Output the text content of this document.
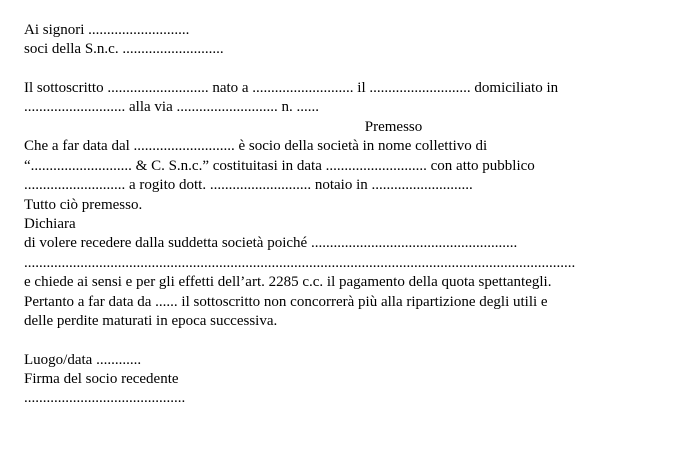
Ai signori ...........................
soci della S.n.c. ...........................
Il sottoscritto ........................... nato a ........................... il ........................... domiciliato in
........................... alla via ........................... n. ......
Premesso
Che a far data dal ........................... è socio della società in nome collettivo di
“........................... & C. S.n.c.” costituitasi in data ........................... con atto pubblico
........................... a rogito dott. ........................... notaio in ...........................
Tutto ciò premesso.
Dichiara
di volere recedere dalla suddetta società poiché .......................................................
...................................................................................................................................................
e chiede ai sensi e per gli effetti dell’art. 2285 c.c. il pagamento della quota spettantegli.
Pertanto a far data da ...... il sottoscritto non concorrerà più alla ripartizione degli utili e
delle perdite maturati in epoca successiva.
Luogo/data ............
Firma del socio recedente
...........................................
